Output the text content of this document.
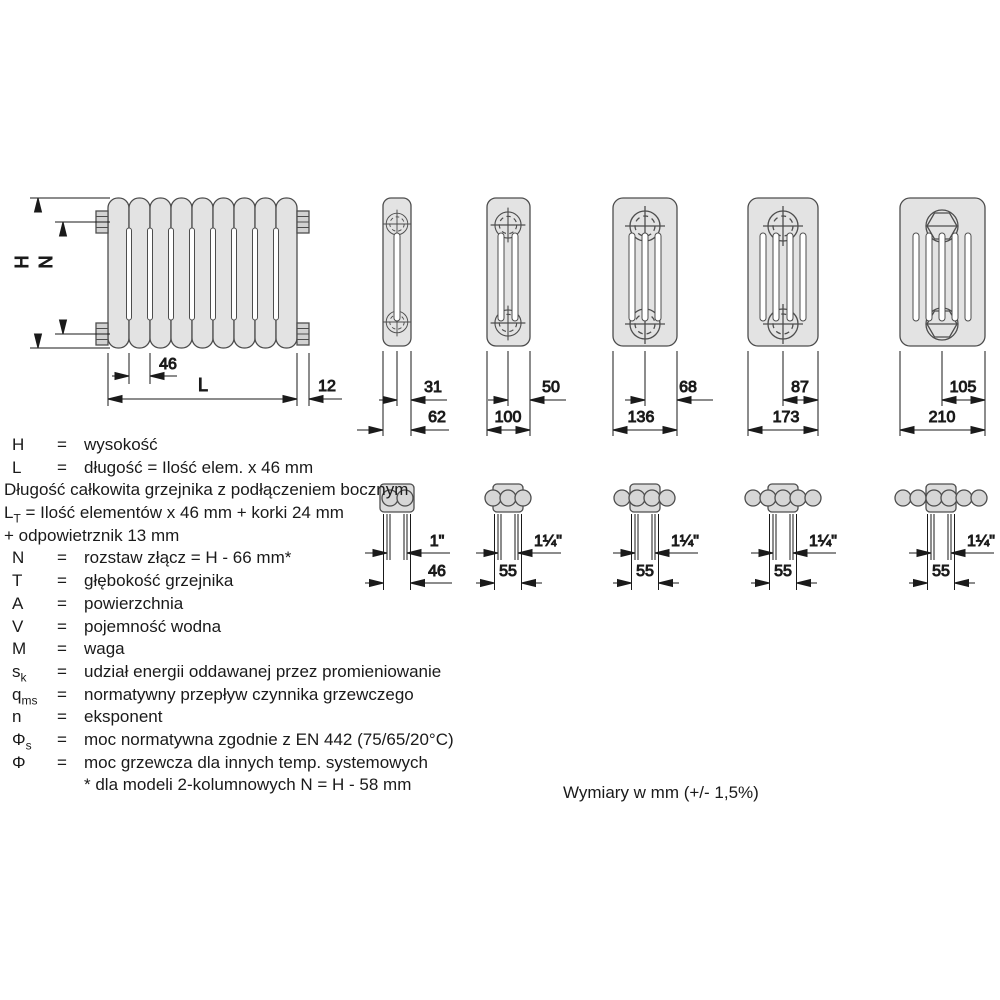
H N
46
L	12	31
62
50
100
68
136
87
173
105
210
1"	1¼"	1¼"	1¼"	1¼"
46	55	55	55	55
H	=	wysokość
L	=	długość = Ilość elem. x 46 mm
Długość całkowita grzejnika z podłączeniem bocznym
$L_T$ = Ilość elementów x 46 mm + korki 24 mm
+ odpowietrznik 13 mm
N	=	rozstaw złącz = H - 66 mm*
T	=	głębokość grzejnika
A	=	powierzchnia
V	=	pojemność wodna
M	=	waga
$s_k$	=	udział energii oddawanej przez promieniowanie
$q_{ms}$	=	normatywny przepływ czynnika grzewczego
n	=	eksponent
$\Phi_s$	=	moc normatywna zgodnie z EN 442 (75/65/20°C)
Φ	=	moc grzewcza dla innych temp. systemowych
* dla modeli 2-kolumnowych N = H - 58 mm	Wymiary w mm (+/- 1,5%)
